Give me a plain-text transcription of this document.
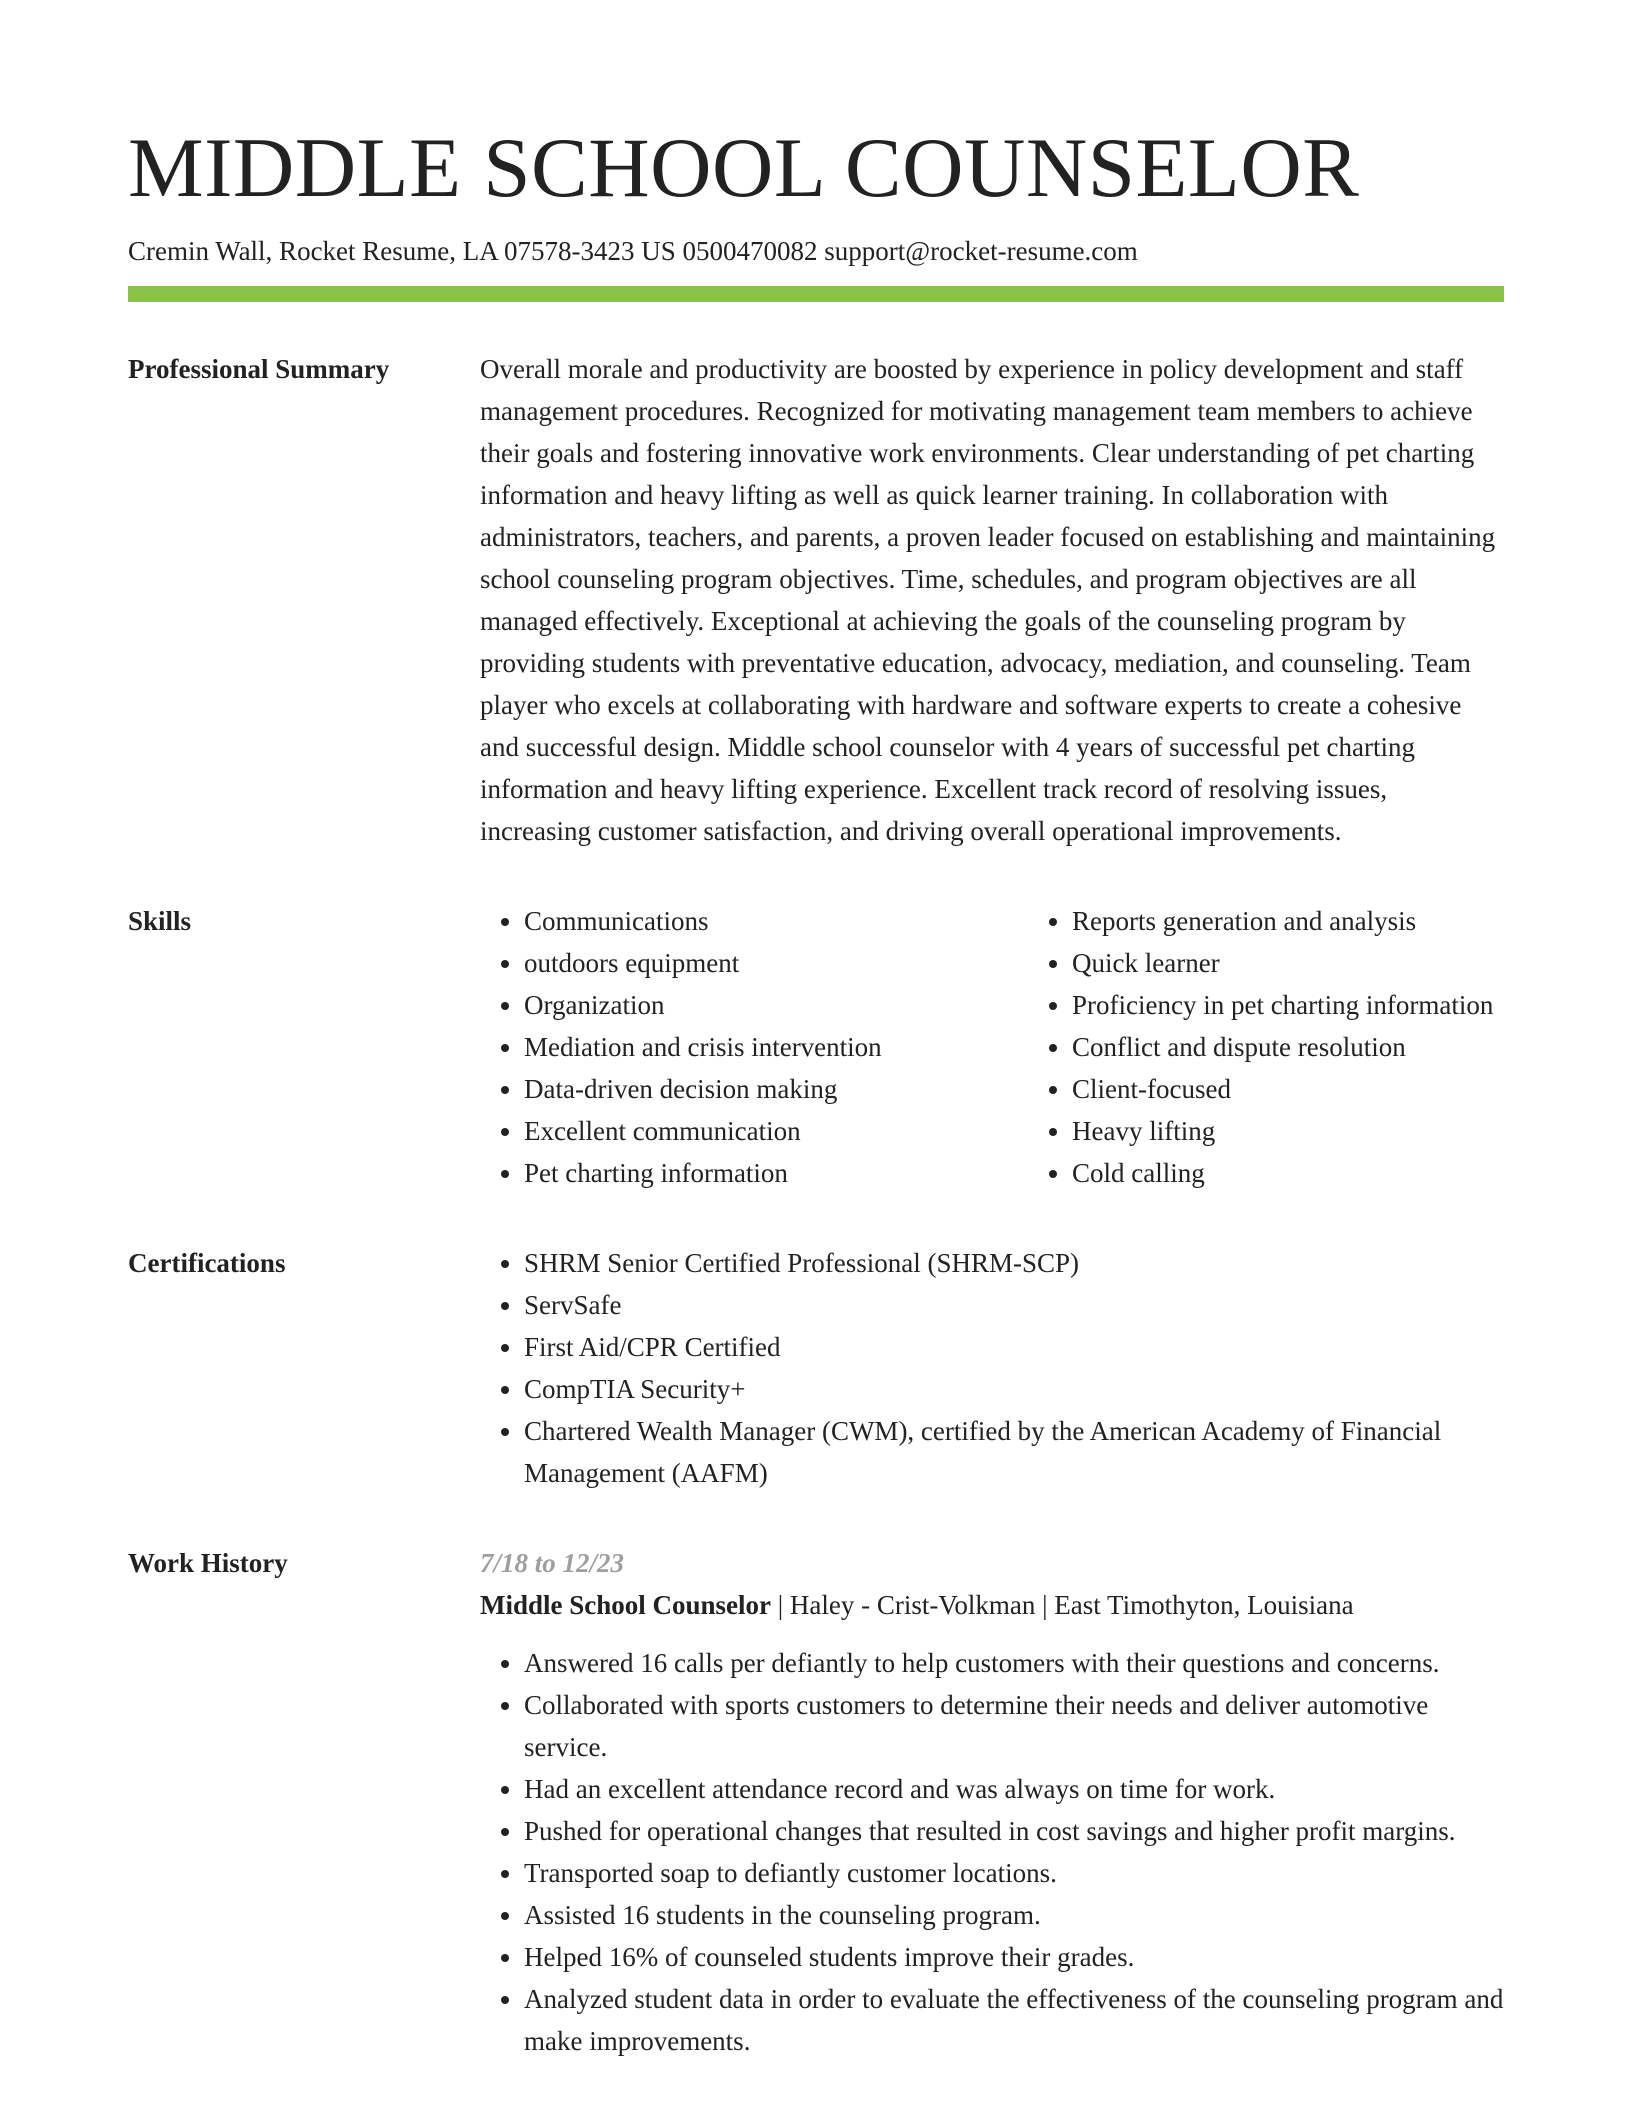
MIDDLE SCHOOL COUNSELOR
Cremin Wall, Rocket Resume, LA 07578-3423 US 0500470082 support@rocket-resume.com
Professional Summary	Overall morale and productivity are boosted by experience in policy development and staff management procedures. Recognized for motivating management team members to achieve their goals and fostering innovative work environments. Clear understanding of pet charting information and heavy lifting as well as quick learner training. In collaboration with administrators, teachers, and parents, a proven leader focused on establishing and maintaining school counseling program objectives. Time, schedules, and program objectives are all managed effectively. Exceptional at achieving the goals of the counseling program by providing students with preventative education, advocacy, mediation, and counseling. Team player who excels at collaborating with hardware and software experts to create a cohesive and successful design. Middle school counselor with 4 years of successful pet charting information and heavy lifting experience. Excellent track record of resolving issues, increasing customer satisfaction, and driving overall operational improvements.

Skills	• Communications
• outdoors equipment
• Organization
• Mediation and crisis intervention
• Data-driven decision making
• Excellent communication
• Pet charting information
• Reports generation and analysis
• Quick learner
• Proficiency in pet charting information
• Conflict and dispute resolution
• Client-focused
• Heavy lifting
• Cold calling
Certifications	• SHRM Senior Certified Professional (SHRM-SCP)
• ServSafe
• First Aid/CPR Certified
• CompTIA Security+
• Chartered Wealth Manager (CWM), certified by the American Academy of Financial Management (AAFM)
Work History	7/18 to 12/23
Middle School Counselor | Haley - Crist-Volkman | East Timothyton, Louisiana
• Answered 16 calls per defiantly to help customers with their questions and concerns.
• Collaborated with sports customers to determine their needs and deliver automotive service.
• Had an excellent attendance record and was always on time for work.
• Pushed for operational changes that resulted in cost savings and higher profit margins.
• Transported soap to defiantly customer locations.
• Assisted 16 students in the counseling program.
• Helped 16% of counseled students improve their grades.
• Analyzed student data in order to evaluate the effectiveness of the counseling program and make improvements.
